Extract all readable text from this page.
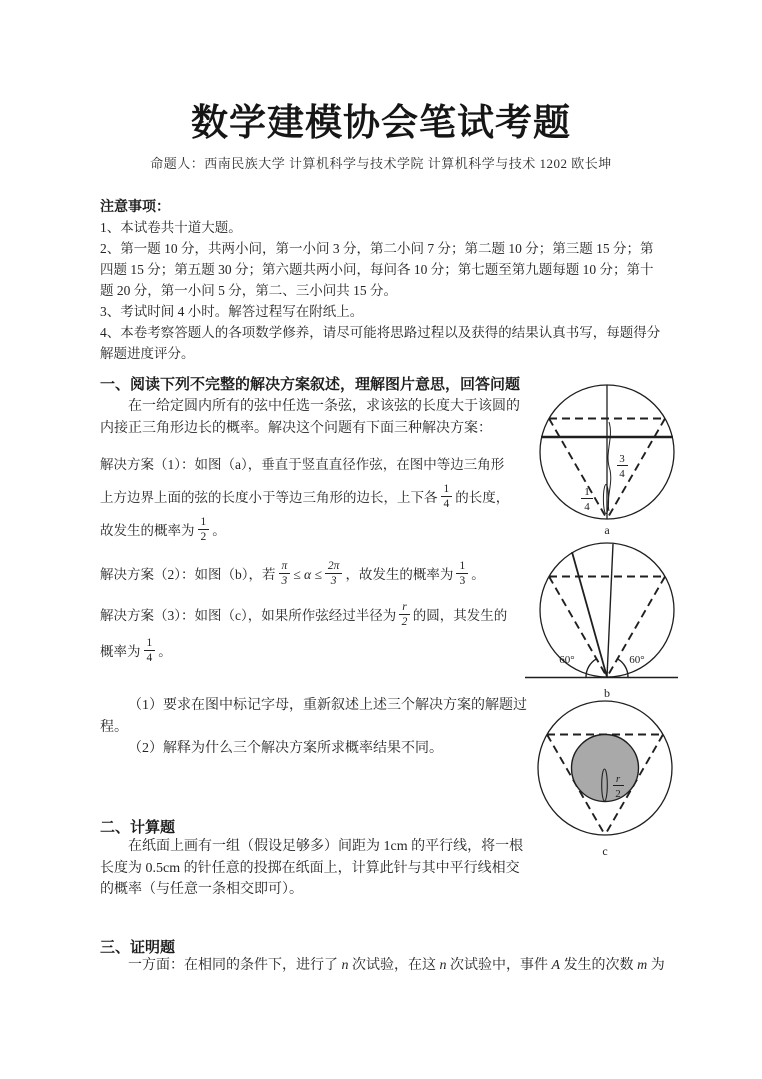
数学建模协会笔试考题
命题人：西南民族大学 计算机科学与技术学院 计算机科学与技术 1202 欧长坤
注意事项：
1、本试卷共十道大题。
2、第一题 10 分，共两小问，第一小问 3 分，第二小问 7 分；第二题 10 分；第三题 15 分；第四题 15 分；第五题 30 分；第六题共两小问，每问各 10 分；第七题至第九题每题 10 分；第十题 20 分，第一小问 5 分，第二、三小问共 15 分。
3、考试时间 4 小时。解答过程写在附纸上。
4、本卷考察答题人的各项数学修养，请尽可能将思路过程以及获得的结果认真书写，每题得分解题进度评分。
一、阅读下列不完整的解决方案叙述，理解图片意思，回答问题
在一给定圆内所有的弦中任选一条弦，求该弦的长度大于该圆的内接正三角形边长的概率。解决这个问题有下面三种解决方案：
解决方案（1）：如图（a），垂直于竖直直径作弦，在图中等边三角形
上方边界上面的弦的长度小于等边三角形的边长，上下各 $\frac{1}{4}$ 的长度，
故发生的概率为 $\frac{1}{2}$ 。
解决方案（2）：如图（b），若 $\frac{\pi}{3} \le \alpha \le \frac{2\pi}{3}$ ，故发生的概率为 $\frac{1}{3}$ 。
解决方案（3）：如图（c），如果所作弦经过半径为 $\frac{r}{2}$ 的圆，其发生的
概率为 $\frac{1}{4}$ 。

（1）要求在图中标记字母，重新叙述上述三个解决方案的解题过程。

（2）解释为什么三个解决方案所求概率结果不同。

二、计算题
在纸面上画有一组（假设足够多）间距为 1cm 的平行线，将一根长度为 0.5cm 的针任意的投掷在纸面上，计算此针与其中平行线相交的概率（与任意一条相交即可）。
三、证明题
一方面：在相同的条件下，进行了 n 次试验，在这 n 次试验中，事件 A 发生的次数 m 为
3
4
1
4
a
60°	60°
b
r
2
c
